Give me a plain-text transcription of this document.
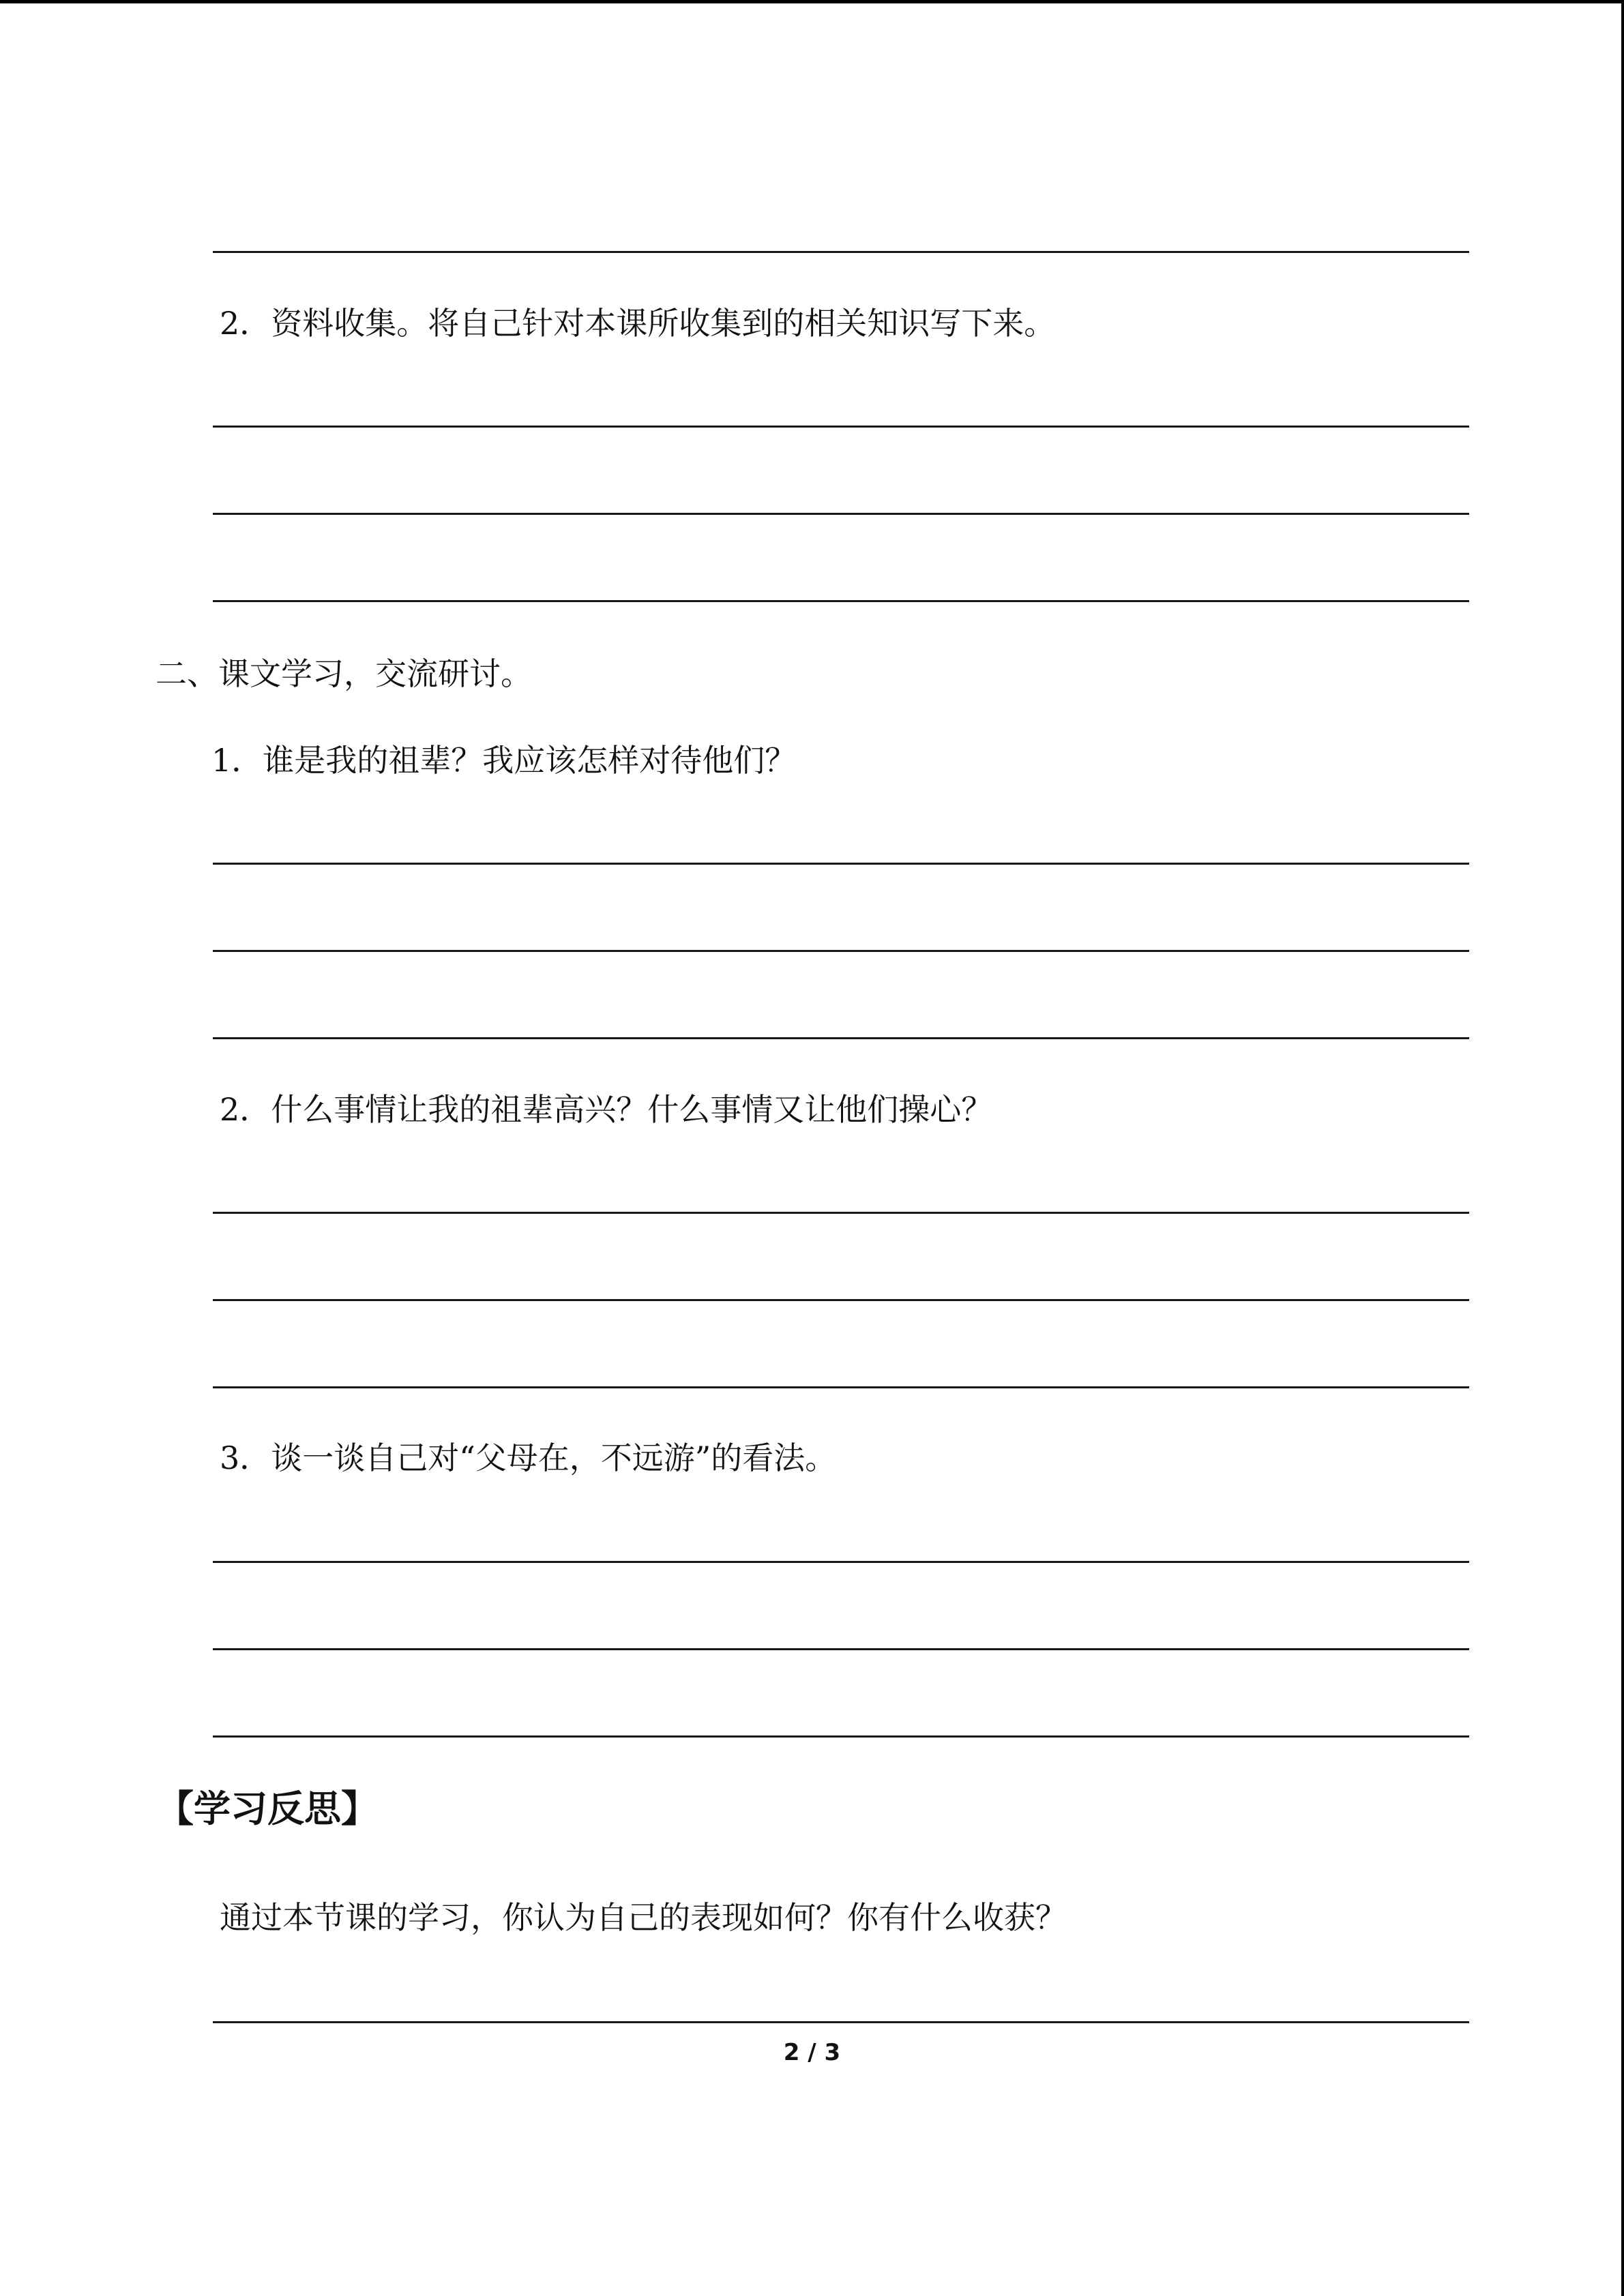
2．资料收集。将自己针对本课所收集到的相关知识写下来。
二、课文学习，交流研讨。
1．谁是我的祖辈？我应该怎样对待他们？
2．什么事情让我的祖辈高兴？什么事情又让他们操心？
3．谈一谈自己对“父母在，不远游”的看法。
【学习反思】
通过本节课的学习，你认为自己的表现如何？你有什么收获？
2 / 3
